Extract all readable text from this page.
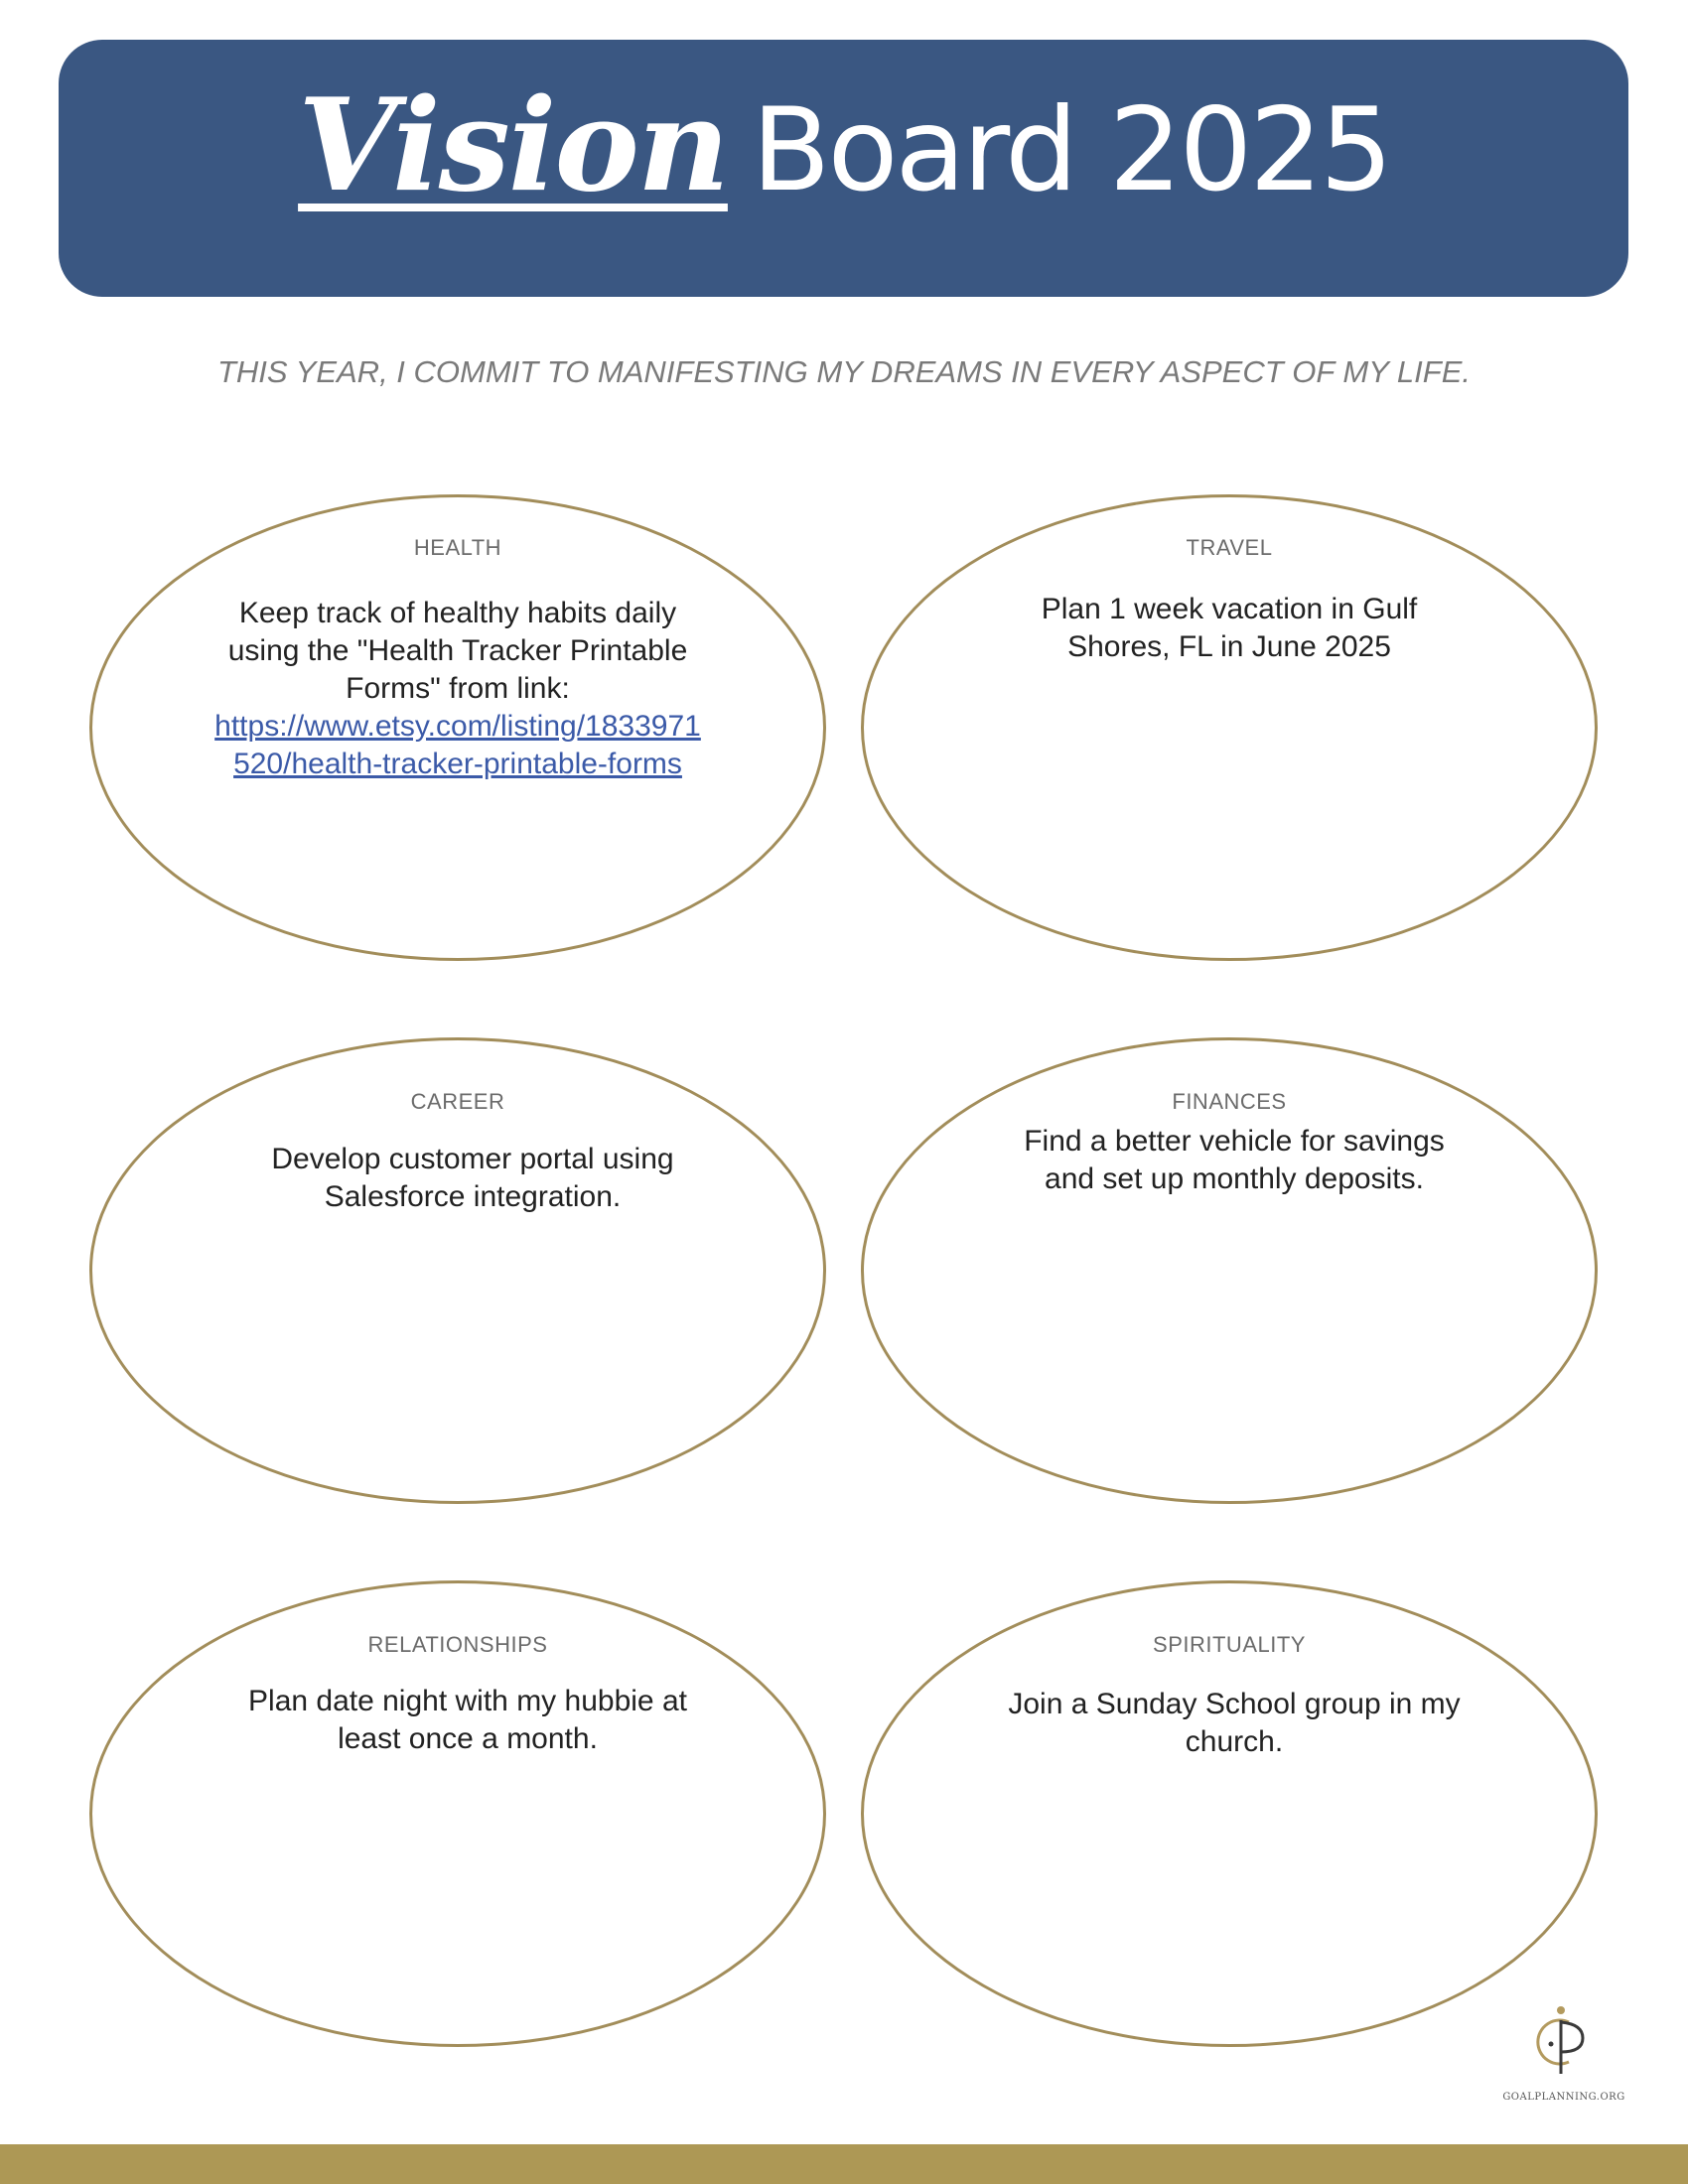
Vision Board 2025
THIS YEAR, I COMMIT TO MANIFESTING MY DREAMS IN EVERY ASPECT OF MY LIFE.
HEALTH
Keep track of healthy habits daily using the "Health Tracker Printable Forms" from link:
https://www.etsy.com/listing/1833971520/health-tracker-printable-forms
TRAVEL
Plan 1 week vacation in Gulf Shores, FL in June 2025
CAREER
Develop customer portal using Salesforce integration.
FINANCES
Find a better vehicle for savings and set up monthly deposits.
RELATIONSHIPS
Plan date night with my hubbie at least once a month.
SPIRITUALITY
Join a Sunday School group in my church.
GOALPLANNING.ORG
